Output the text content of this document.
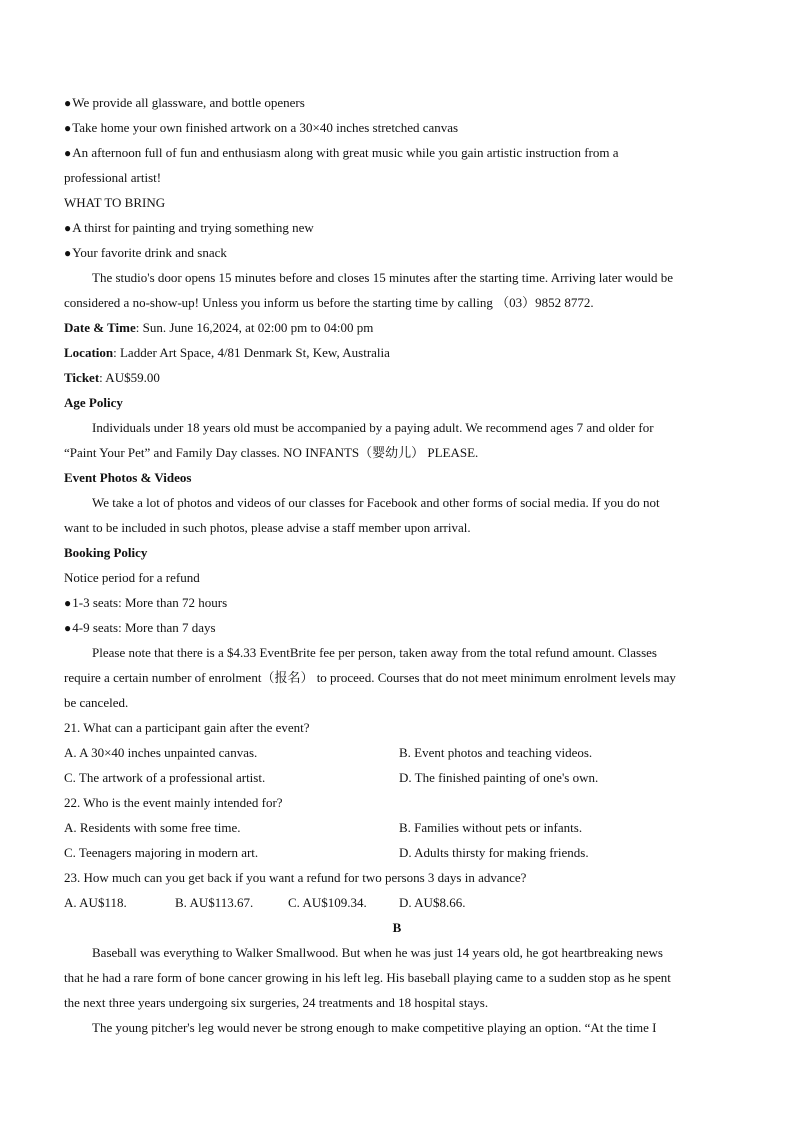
●We provide all glassware, and bottle openers
●Take home your own finished artwork on a 30×40 inches stretched canvas
●An afternoon full of fun and enthusiasm along with great music while you gain artistic instruction from a
professional artist!
WHAT TO BRING
●A thirst for painting and trying something new
●Your favorite drink and snack
The studio's door opens 15 minutes before and closes 15 minutes after the starting time. Arriving later would be
considered a no-show-up! Unless you inform us before the starting time by calling （03）9852 8772.
Date & Time: Sun. June 16,2024, at 02:00 pm to 04:00 pm
Location: Ladder Art Space, 4/81 Denmark St, Kew, Australia
Ticket: AU$59.00
Age Policy
Individuals under 18 years old must be accompanied by a paying adult. We recommend ages 7 and older for
“Paint Your Pet” and Family Day classes. NO INFANTS（婴幼儿） PLEASE.
Event Photos & Videos
We take a lot of photos and videos of our classes for Facebook and other forms of social media. If you do not
want to be included in such photos, please advise a staff member upon arrival.
Booking Policy
Notice period for a refund
●1-3 seats: More than 72 hours
●4-9 seats: More than 7 days
Please note that there is a $4.33 EventBrite fee per person, taken away from the total refund amount. Classes
require a certain number of enrolment（报名） to proceed. Courses that do not meet minimum enrolment levels may
be canceled.
21. What can a participant gain after the event?
A. A 30×40 inches unpainted canvas.	B. Event photos and teaching videos.
C. The artwork of a professional artist.	D. The finished painting of one's own.
22. Who is the event mainly intended for?
A. Residents with some free time.	B. Families without pets or infants.
C. Teenagers majoring in modern art.	D. Adults thirsty for making friends.
23. How much can you get back if you want a refund for two persons 3 days in advance?
A. AU$118.	B. AU$113.67.	C. AU$109.34. D. AU$8.66.
B
Baseball was everything to Walker Smallwood. But when he was just 14 years old, he got heartbreaking news
that he had a rare form of bone cancer growing in his left leg. His baseball playing came to a sudden stop as he spent
the next three years undergoing six surgeries, 24 treatments and 18 hospital stays.
The young pitcher's leg would never be strong enough to make competitive playing an option. “At the time I
